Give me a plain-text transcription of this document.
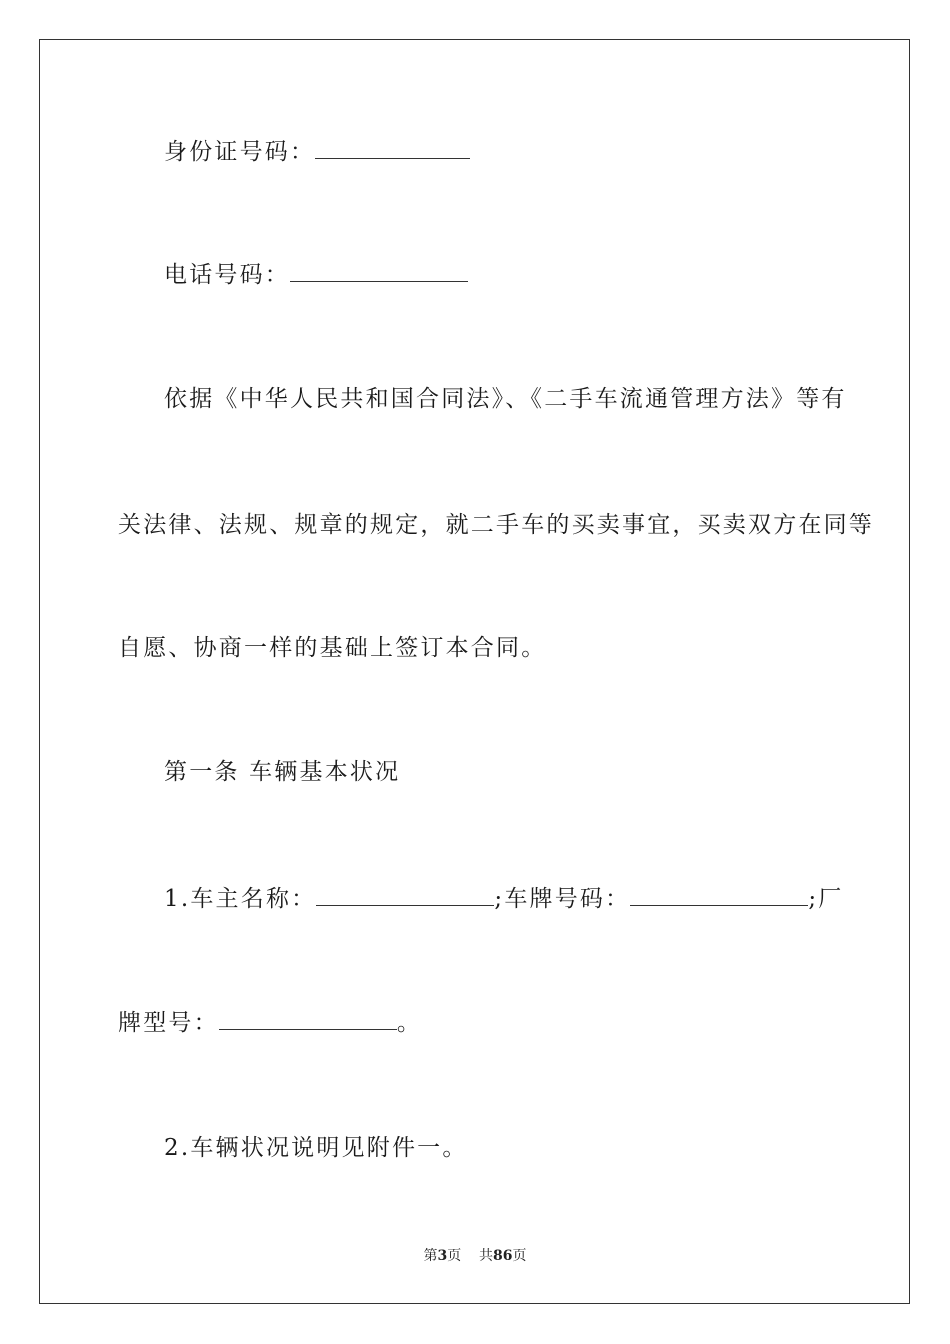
身份证号码：
电话号码：
依据《中华人民共和国合同法》、《二手车流通管理方法》等有
关法律、法规、规章的规定，就二手车的买卖事宜，买卖双方在同等
自愿、协商一样的基础上签订本合同。
第一条 车辆基本状况
1.车主名称：	;车牌号码：	;厂
牌型号：	。
2.车辆状况说明见附件一。
第3页 共86页
